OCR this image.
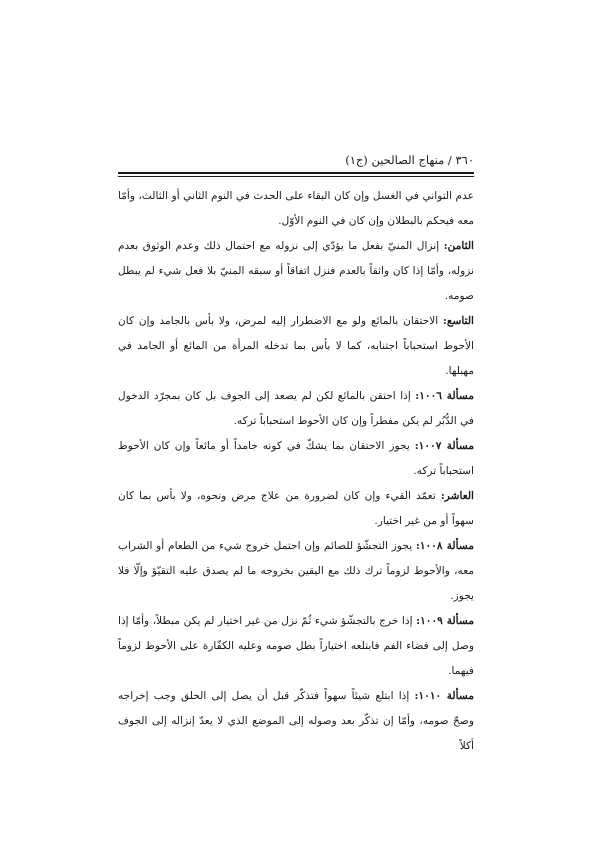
٣٦٠ / منهاج الصالحين (ج١)

عدم التواني في الغسل وإن كان البقاء على الحدث في النوم الثاني أو الثالث، وأمّا معه فيحكم بالبطلان وإن كان في النوم الأوّل.

الثامن: إنزال المنيّ بفعل ما يؤدّي إلى نزوله مع احتمال ذلك وعدم الوثوق بعدم نزوله، وأمّا إذا كان واثقاً بالعدم فنزل اتفاقاً أو سبقه المنيّ بلا فعل شيء لم يبطل صومه.

التاسع: الاحتقان بالمائع ولو مع الاضطرار إليه لمرض، ولا بأس بالجامد وإن كان الأحوط استحباباً اجتنابه، كما لا بأس بما تدخله المرأة من المائع أو الجامد في مهبلها.

مسألة ١٠٠٦: إذا احتقن بالمائع لكن لم يصعد إلى الجوف بل كان بمجرّد الدخول في الدُّبُر لم يكن مفطراً وإن كان الأحوط استحباباً تركه.

مسألة ١٠٠٧: يجوز الاحتقان بما يشكّ في كونه جامداً أو مائعاً وإن كان الأحوط استحباباً تركه.

العاشر: تعمّد القيء وإن كان لضرورة من علاج مرض ونحوه، ولا بأس بما كان سهواً أو من غير اختيار.

مسألة ١٠٠٨: يجوز التجشّؤ للصائم وإن احتمل خروج شيء من الطعام أو الشراب معه، والأحوط لزوماً ترك ذلك مع اليقين بخروجه ما لم يصدق عليه التقيّؤ وإلّا فلا يجوز.

مسألة ١٠٠٩: إذا خرج بالتجشّؤ شيء ثُمّ نزل من غير اختيار لم يكن مبطلاً، وأمّا إذا وصل إلى فضاء الفم فابتلعه اختياراً بطل صومه وعليه الكفّارة على الأحوط لزوماً فيهما.

مسألة ١٠١٠: إذا ابتلع شيئاً سهواً فتذكّر قبل أن يصل إلى الحلق وجب إخراجه وصحّ صومه، وأمّا إن تذكّر بعد وصوله إلى الموضع الذي لا يعدّ إنزاله إلى الجوف أكلاً
